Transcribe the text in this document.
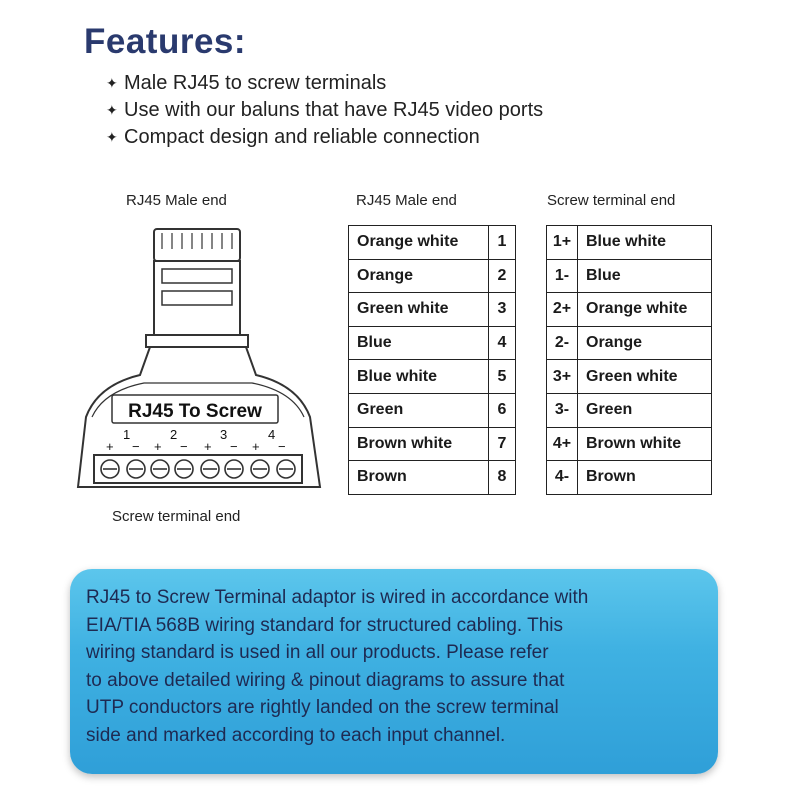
Features:
✦ Male RJ45 to screw terminals
✦ Use with our baluns that have RJ45 video ports
✦ Compact design and reliable connection
RJ45 Male end
RJ45 To Screw
1	2	3	4
+ − + − + − + −
Screw terminal end
RJ45 Male end
Orange white	1
Orange	2
Green white	3
Blue	4
Blue white	5
Green	6
Brown white	7
Brown	8
Screw terminal end
1+	Blue white
1-	Blue
2+	Orange white
2-	Orange
3+	Green white
3-	Green
4+	Brown white
4-	Brown

RJ45 to Screw Terminal adaptor is wired in accordance with
EIA/TIA 568B wiring standard for structured cabling. This
wiring standard is used in all our products. Please refer
to above detailed wiring & pinout diagrams to assure that
UTP conductors are rightly landed on the screw terminal
side and marked according to each input channel.
